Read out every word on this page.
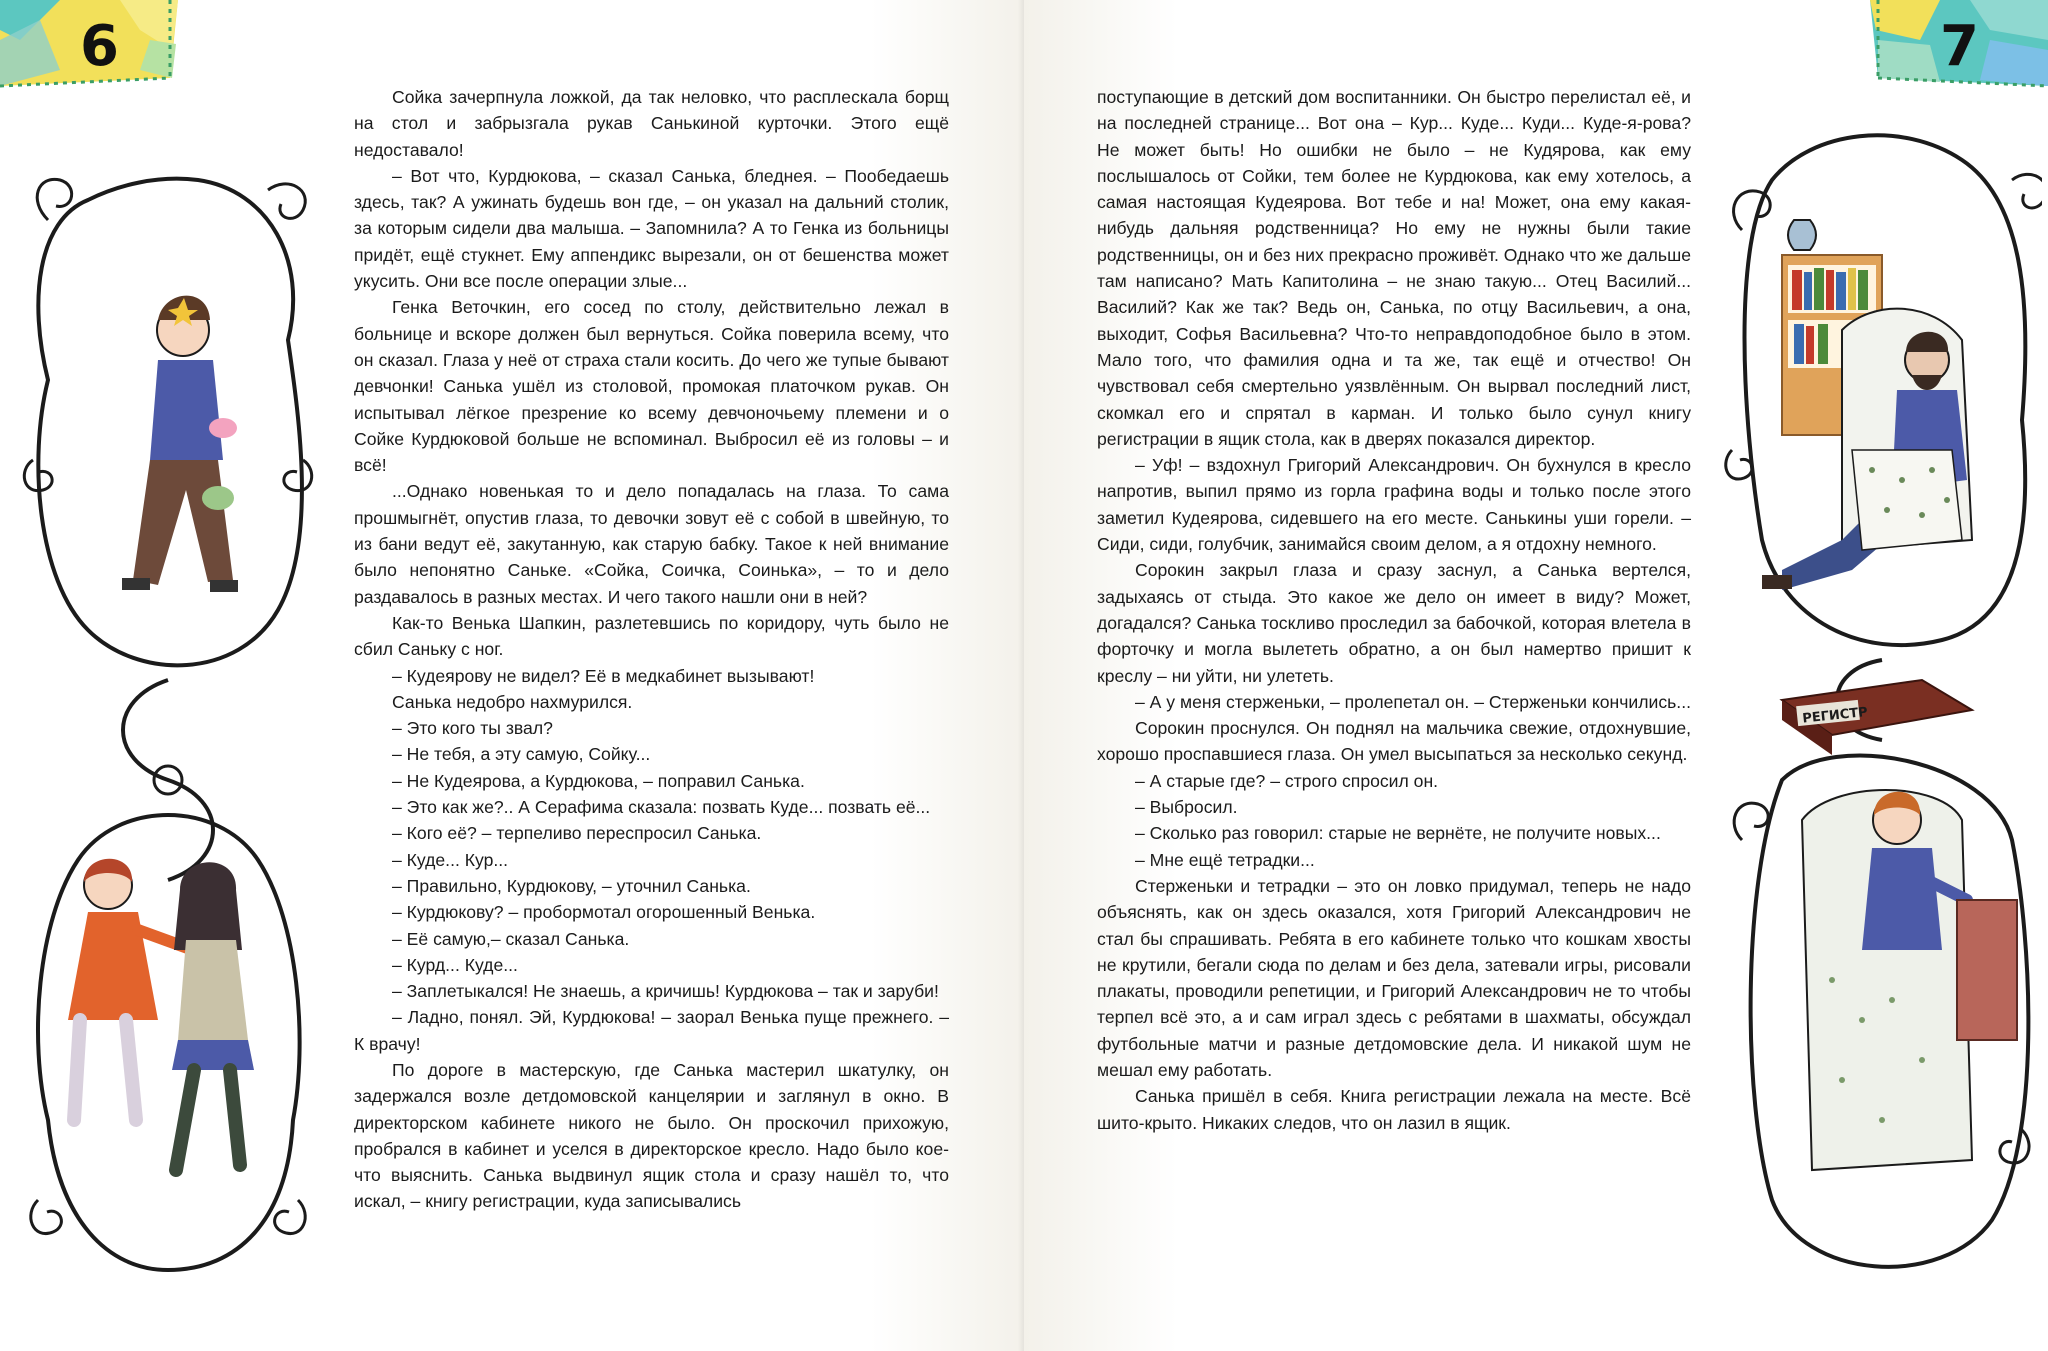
6

Сойка зачерпнула ложкой, да так неловко, что расплескала борщ на стол и забрызгала рукав Санькиной курточки. Этого ещё недоставало!

– Вот что, Курдюкова, – сказал Санька, бледнея. – Пообедаешь здесь, так? А ужинать будешь вон где, – он указал на дальний столик, за которым сидели два малыша. – Запомнила? А то Генка из больницы придёт, ещё стукнет. Ему аппендикс вырезали, он от бешенства может укусить. Они все после операции злые...

Генка Веточкин, его сосед по столу, действительно лежал в больнице и вскоре должен был вернуться. Сойка поверила всему, что он сказал. Глаза у неё от страха стали косить. До чего же тупые бывают девчонки! Санька ушёл из столовой, промокая платочком рукав. Он испытывал лёгкое презрение ко всему девчоночьему племени и о Сойке Курдюковой больше не вспоминал. Выбросил её из головы – и всё!

...Однако новенькая то и дело попадалась на глаза. То сама прошмыгнёт, опустив глаза, то девочки зовут её с собой в швейную, то из бани ведут её, закутанную, как старую бабку. Такое к ней внимание было непонятно Саньке. «Сойка, Соичка, Соинька», – то и дело раздавалось в разных местах. И чего такого нашли они в ней?

Как-то Венька Шапкин, разлетевшись по коридору, чуть было не сбил Саньку с ног.

– Кудеярову не видел? Её в медкабинет вызывают!

Санька недобро нахмурился.

– Это кого ты звал?

– Не тебя, а эту самую, Сойку...

– Не Кудеярова, а Курдюкова, – поправил Санька.

– Это как же?.. А Серафима сказала: позвать Куде... позвать её...

– Кого её? – терпеливо переспросил Санька.

– Куде... Кур...

– Правильно, Курдюкову, – уточнил Санька.

– Курдюкову? – пробормотал огорошенный Венька.

– Её самую,– сказал Санька.

– Курд... Куде...

– Заплетыкался! Не знаешь, а кричишь! Курдюкова – так и заруби!

– Ладно, понял. Эй, Курдюкова! – заорал Венька пуще прежнего. – К врачу!

По дороге в мастерскую, где Санька мастерил шкатулку, он задержался возле детдомовской канцелярии и заглянул в окно. В директорском кабинете никого не было. Он проскочил прихожую, пробрался в кабинет и уселся в директорское кресло. Надо было кое-что выяснить. Санька выдвинул ящик стола и сразу нашёл то, что искал, – книгу регистрации, куда записывались

7
РЕГИСТР

поступающие в детский дом воспитанники. Он быстро перелистал её, и на последней странице... Вот она – Кур... Куде... Куди... Куде-я-рова? Не может быть! Но ошибки не было – не Кудярова, как ему послышалось от Сойки, тем более не Курдюкова, как ему хотелось, а самая настоящая Кудеярова. Вот тебе и на! Может, она ему какая-нибудь дальняя родственница? Но ему не нужны были такие родственницы, он и без них прекрасно проживёт. Однако что же дальше там написано? Мать Капитолина – не знаю такую... Отец Василий... Василий? Как же так? Ведь он, Санька, по отцу Васильевич, а она, выходит, Софья Васильевна? Что-то неправдоподобное было в этом. Мало того, что фамилия одна и та же, так ещё и отчество! Он чувствовал себя смертельно уязвлённым. Он вырвал последний лист, скомкал его и спрятал в карман. И только было сунул книгу регистрации в ящик стола, как в дверях показался директор.

– Уф! – вздохнул Григорий Александрович. Он бухнулся в кресло напротив, выпил прямо из горла графина воды и только после этого заметил Кудеярова, сидевшего на его месте. Санькины уши горели. – Сиди, сиди, голубчик, занимайся своим делом, а я отдохну немного.

Сорокин закрыл глаза и сразу заснул, а Санька вертелся, задыхаясь от стыда. Это какое же дело он имеет в виду? Может, догадался? Санька тоскливо проследил за бабочкой, которая влетела в форточку и могла вылететь обратно, а он был намертво пришит к креслу – ни уйти, ни улететь.

– А у меня стерженьки, – пролепетал он. – Стерженьки кончились...

Сорокин проснулся. Он поднял на мальчика свежие, отдохнувшие, хорошо проспавшиеся глаза. Он умел высыпаться за несколько секунд.

– А старые где? – строго спросил он.

– Выбросил.

– Сколько раз говорил: старые не вернёте, не получите новых...

– Мне ещё тетрадки...

Стерженьки и тетрадки – это он ловко придумал, теперь не надо объяснять, как он здесь оказался, хотя Григорий Александрович не стал бы спрашивать. Ребята в его кабинете только что кошкам хвосты не крутили, бегали сюда по делам и без дела, затевали игры, рисовали плакаты, проводили репетиции, и Григорий Александрович не то чтобы терпел всё это, а и сам играл здесь с ребятами в шахматы, обсуждал футбольные матчи и разные детдомовские дела. И никакой шум не мешал ему работать.

Санька пришёл в себя. Книга регистрации лежала на месте. Всё шито-крыто. Никаких следов, что он лазил в ящик.
